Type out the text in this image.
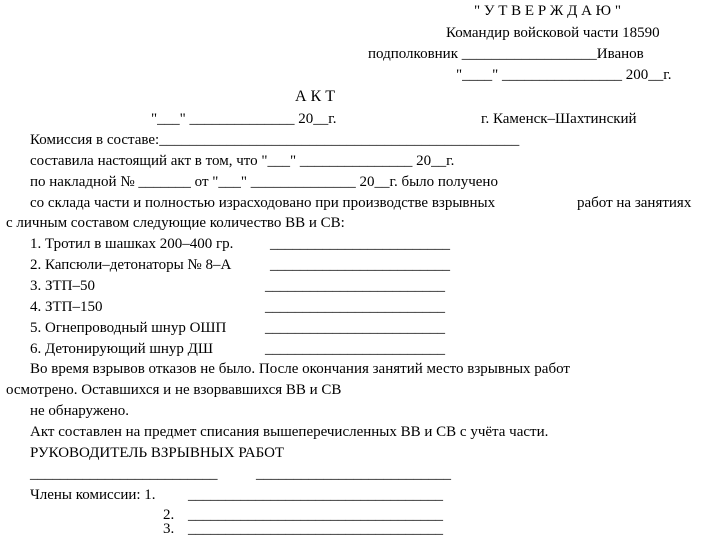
" У Т В Е Р Ж Д А Ю "
Командир войсковой части 18590
подполковник __________________Иванов
"____" ________________ 200__г.
А К Т
"___" ______________ 20__г.	г. Каменск–Шахтинский
Комиссия в составе:________________________________________________
составила настоящий акт в том, что "___" _______________ 20__г.
по накладной № _______ от "___" ______________ 20__г. было получено
со склада части и полностью израсходовано при производстве взрывных	работ на занятиях
с личным составом следующие количество ВВ и СВ:
1. Тротил в шашках 200–400 гр. ________________________
2. Капсюли–детонаторы № 8–А	________________________
3. ЗТП–50	________________________
4. ЗТП–150	________________________
5. Огнепроводный шнур ОШП	________________________
6. Детонирующий шнур ДШ	________________________
Во время взрывов отказов не было. После окончания занятий место взрывных работ
осмотрено. Оставшихся и не взорвавшихся ВВ и СВ
не обнаружено.
Акт составлен на предмет списания вышеперечисленных ВВ и СВ с учёта части.
РУКОВОДИТЕЛЬ ВЗРЫВНЫХ РАБОТ
_________________________	__________________________
Члены комиссии: 1. __________________________________
2. __________________________________
3. __________________________________
